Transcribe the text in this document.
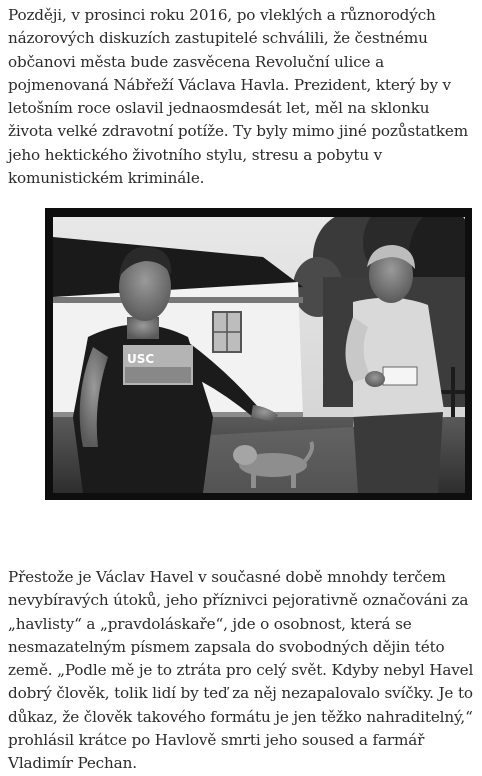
Později, v prosinci roku 2016, po vleklých a různorodých názorových diskuzích zastupitelé schválili, že čestnému občanovi města bude zasvěcena Revoluční ulice a pojmenovaná Nábřeží Václava Havla. Prezident, který by v letošním roce oslavil jednaosmdesát let, měl na sklonku života velké zdravotní potíže. Ty byly mimo jiné pozůstatkem jeho hektického životního stylu, stresu a pobytu v komunistickém kriminále.

USC

Přestože je Václav Havel v současné době mnohdy terčem nevybíravých útoků, jeho příznivci pejorativně označováni za „havlisty“ a „pravdoláskaře“, jde o osobnost, která se nesmazatelným písmem zapsala do svobodných dějin této země. „Podle mě je to ztráta pro celý svět. Kdyby nebyl Havel dobrý člověk, tolik lidí by teď za něj nezapalovalo svíčky. Je to důkaz, že člověk takového formátu je jen těžko nahraditelný,“ prohlásil krátce po Havlově smrti jeho soused a farmář Vladimír Pechan.
